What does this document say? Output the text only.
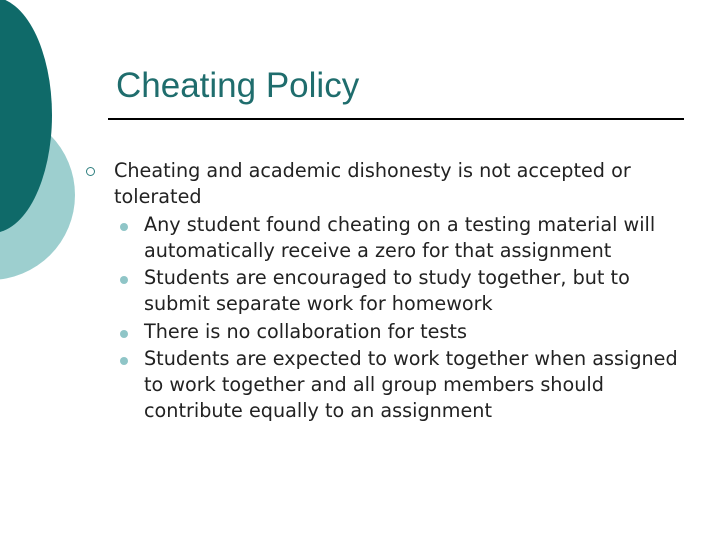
Cheating Policy
Cheating and academic dishonesty is not accepted or tolerated
Any student found cheating on a testing material will automatically receive a zero for that assignment
Students are encouraged to study together, but to submit separate work for homework
There is no collaboration for tests
Students are expected to work together when assigned to work together and all group members should contribute equally to an assignment
